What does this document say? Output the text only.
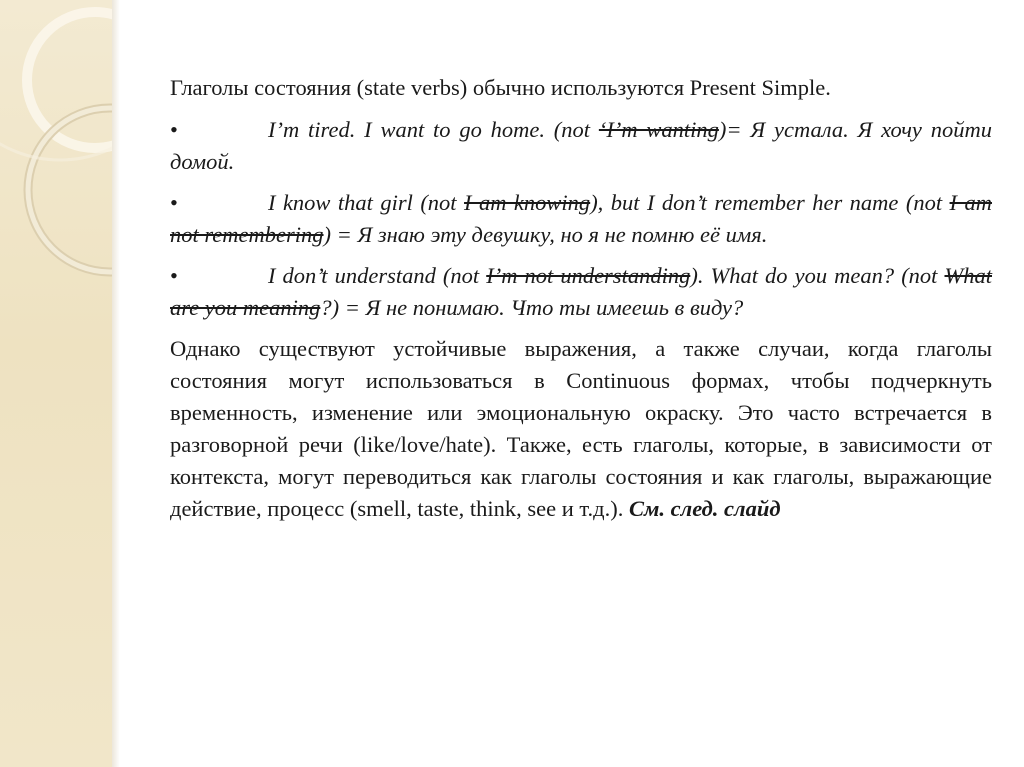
Глаголы состояния (state verbs) обычно используются Present Simple.

•	I’m tired. I want to go home. (not ‘I’m wanting)= Я устала. Я хочу пойти домой.

•	I know that girl (not I am knowing), but I don’t remember her name (not I am not remembering) = Я знаю эту девушку, но я не помню её имя.

•	I don’t understand (not I’m not understanding). What do you mean? (not What are you meaning?) = Я не понимаю. Что ты имеешь в виду?

Однако существуют устойчивые выражения, а также случаи, когда глаголы состояния могут использоваться в Continuous формах, чтобы подчеркнуть временность, изменение или эмоциональную окраску. Это часто встречается в разговорной речи (like/love/hate). Также, есть глаголы, которые, в зависимости от контекста, могут переводиться как глаголы состояния и как глаголы, выражающие действие, процесс (smell, taste, think, see и т.д.). См. след. слайд
